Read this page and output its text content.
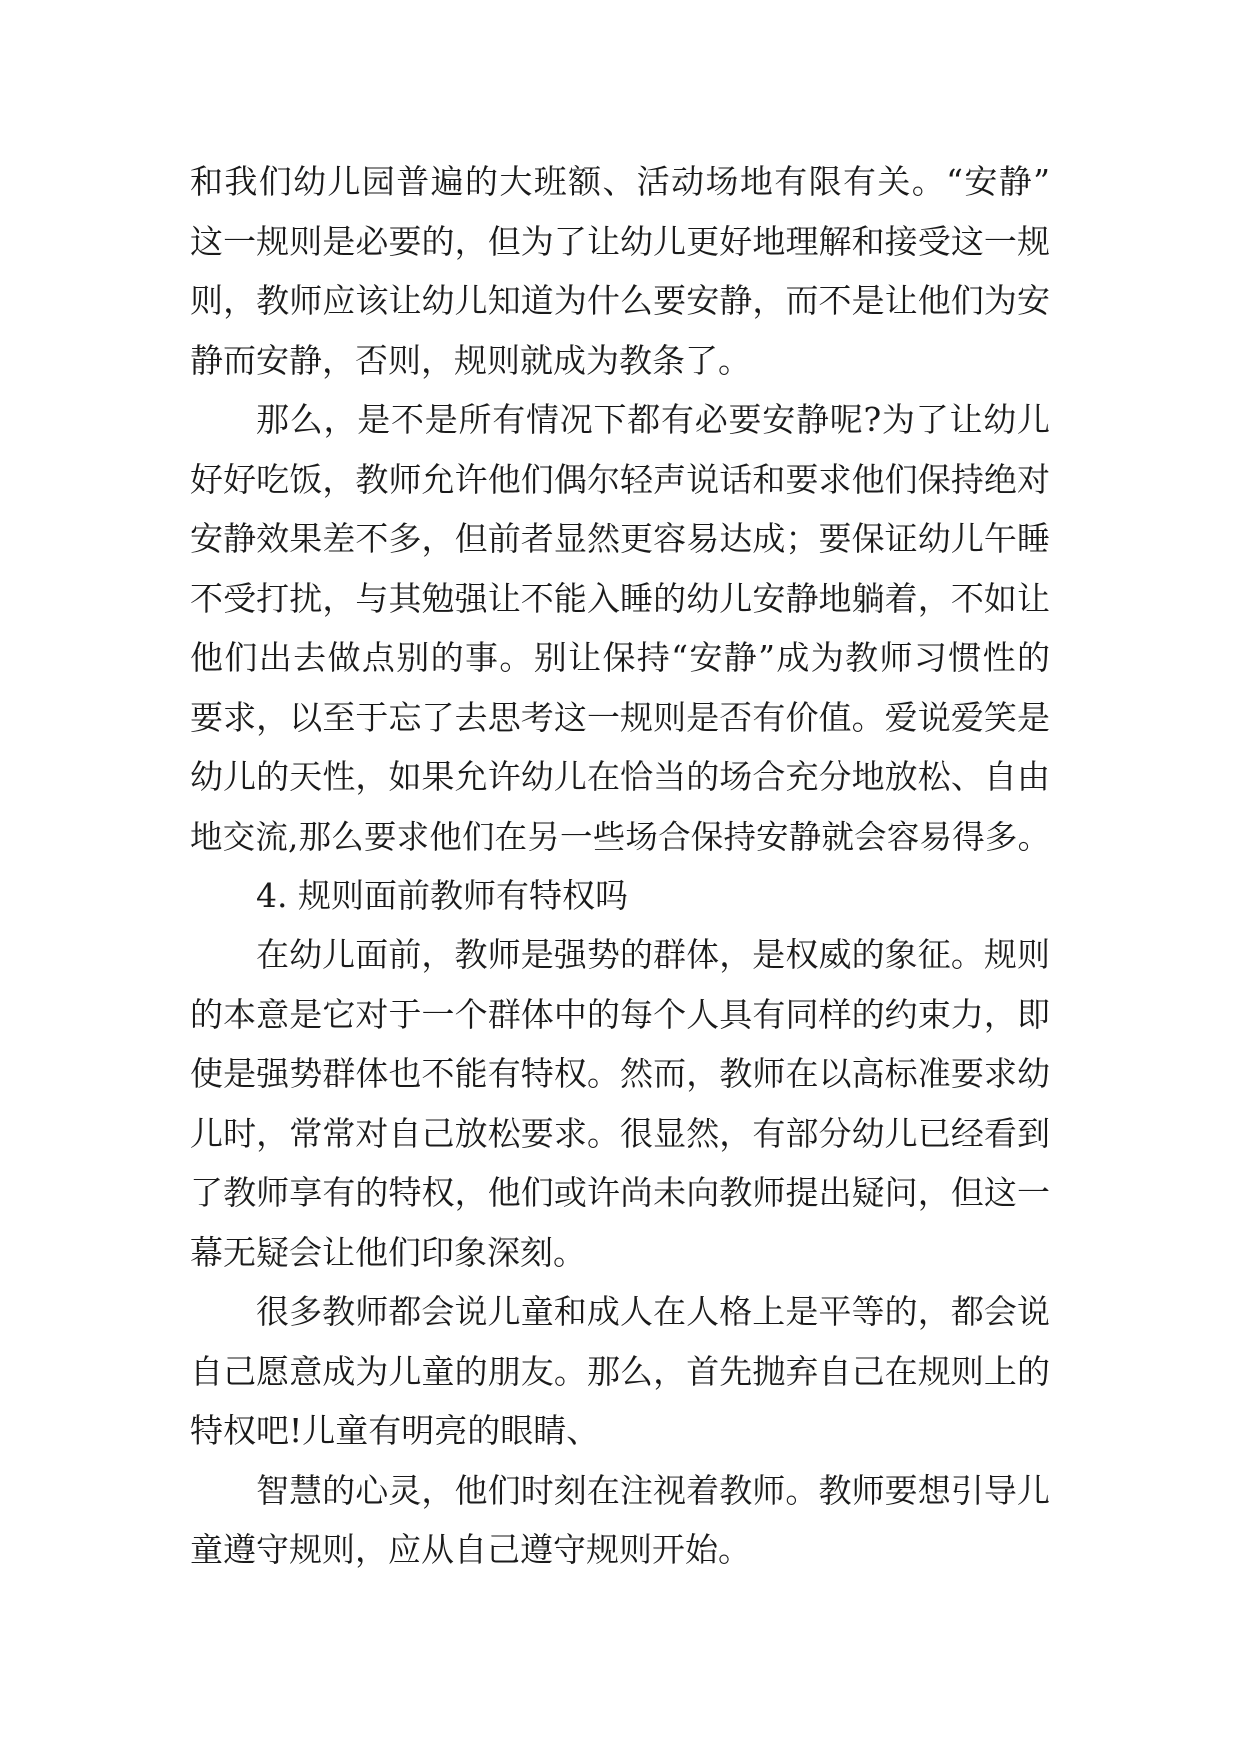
和我们幼儿园普遍的大班额、活动场地有限有关。“安静”
这一规则是必要的，但为了让幼儿更好地理解和接受这一规
则，教师应该让幼儿知道为什么要安静，而不是让他们为安
静而安静，否则，规则就成为教条了。
那么，是不是所有情况下都有必要安静呢?为了让幼儿
好好吃饭，教师允许他们偶尔轻声说话和要求他们保持绝对
安静效果差不多，但前者显然更容易达成；要保证幼儿午睡
不受打扰，与其勉强让不能入睡的幼儿安静地躺着，不如让
他们出去做点别的事。别让保持“安静”成为教师习惯性的
要求，以至于忘了去思考这一规则是否有价值。爱说爱笑是
幼儿的天性，如果允许幼儿在恰当的场合充分地放松、自由
地交流,那么要求他们在另一些场合保持安静就会容易得多。
4. 规则面前教师有特权吗
在幼儿面前，教师是强势的群体，是权威的象征。规则
的本意是它对于一个群体中的每个人具有同样的约束力，即
使是强势群体也不能有特权。然而，教师在以高标准要求幼
儿时，常常对自己放松要求。很显然，有部分幼儿已经看到
了教师享有的特权，他们或许尚未向教师提出疑问，但这一
幕无疑会让他们印象深刻。
很多教师都会说儿童和成人在人格上是平等的，都会说
自己愿意成为儿童的朋友。那么，首先抛弃自己在规则上的
特权吧!儿童有明亮的眼睛、
智慧的心灵，他们时刻在注视着教师。教师要想引导儿
童遵守规则，应从自己遵守规则开始。
